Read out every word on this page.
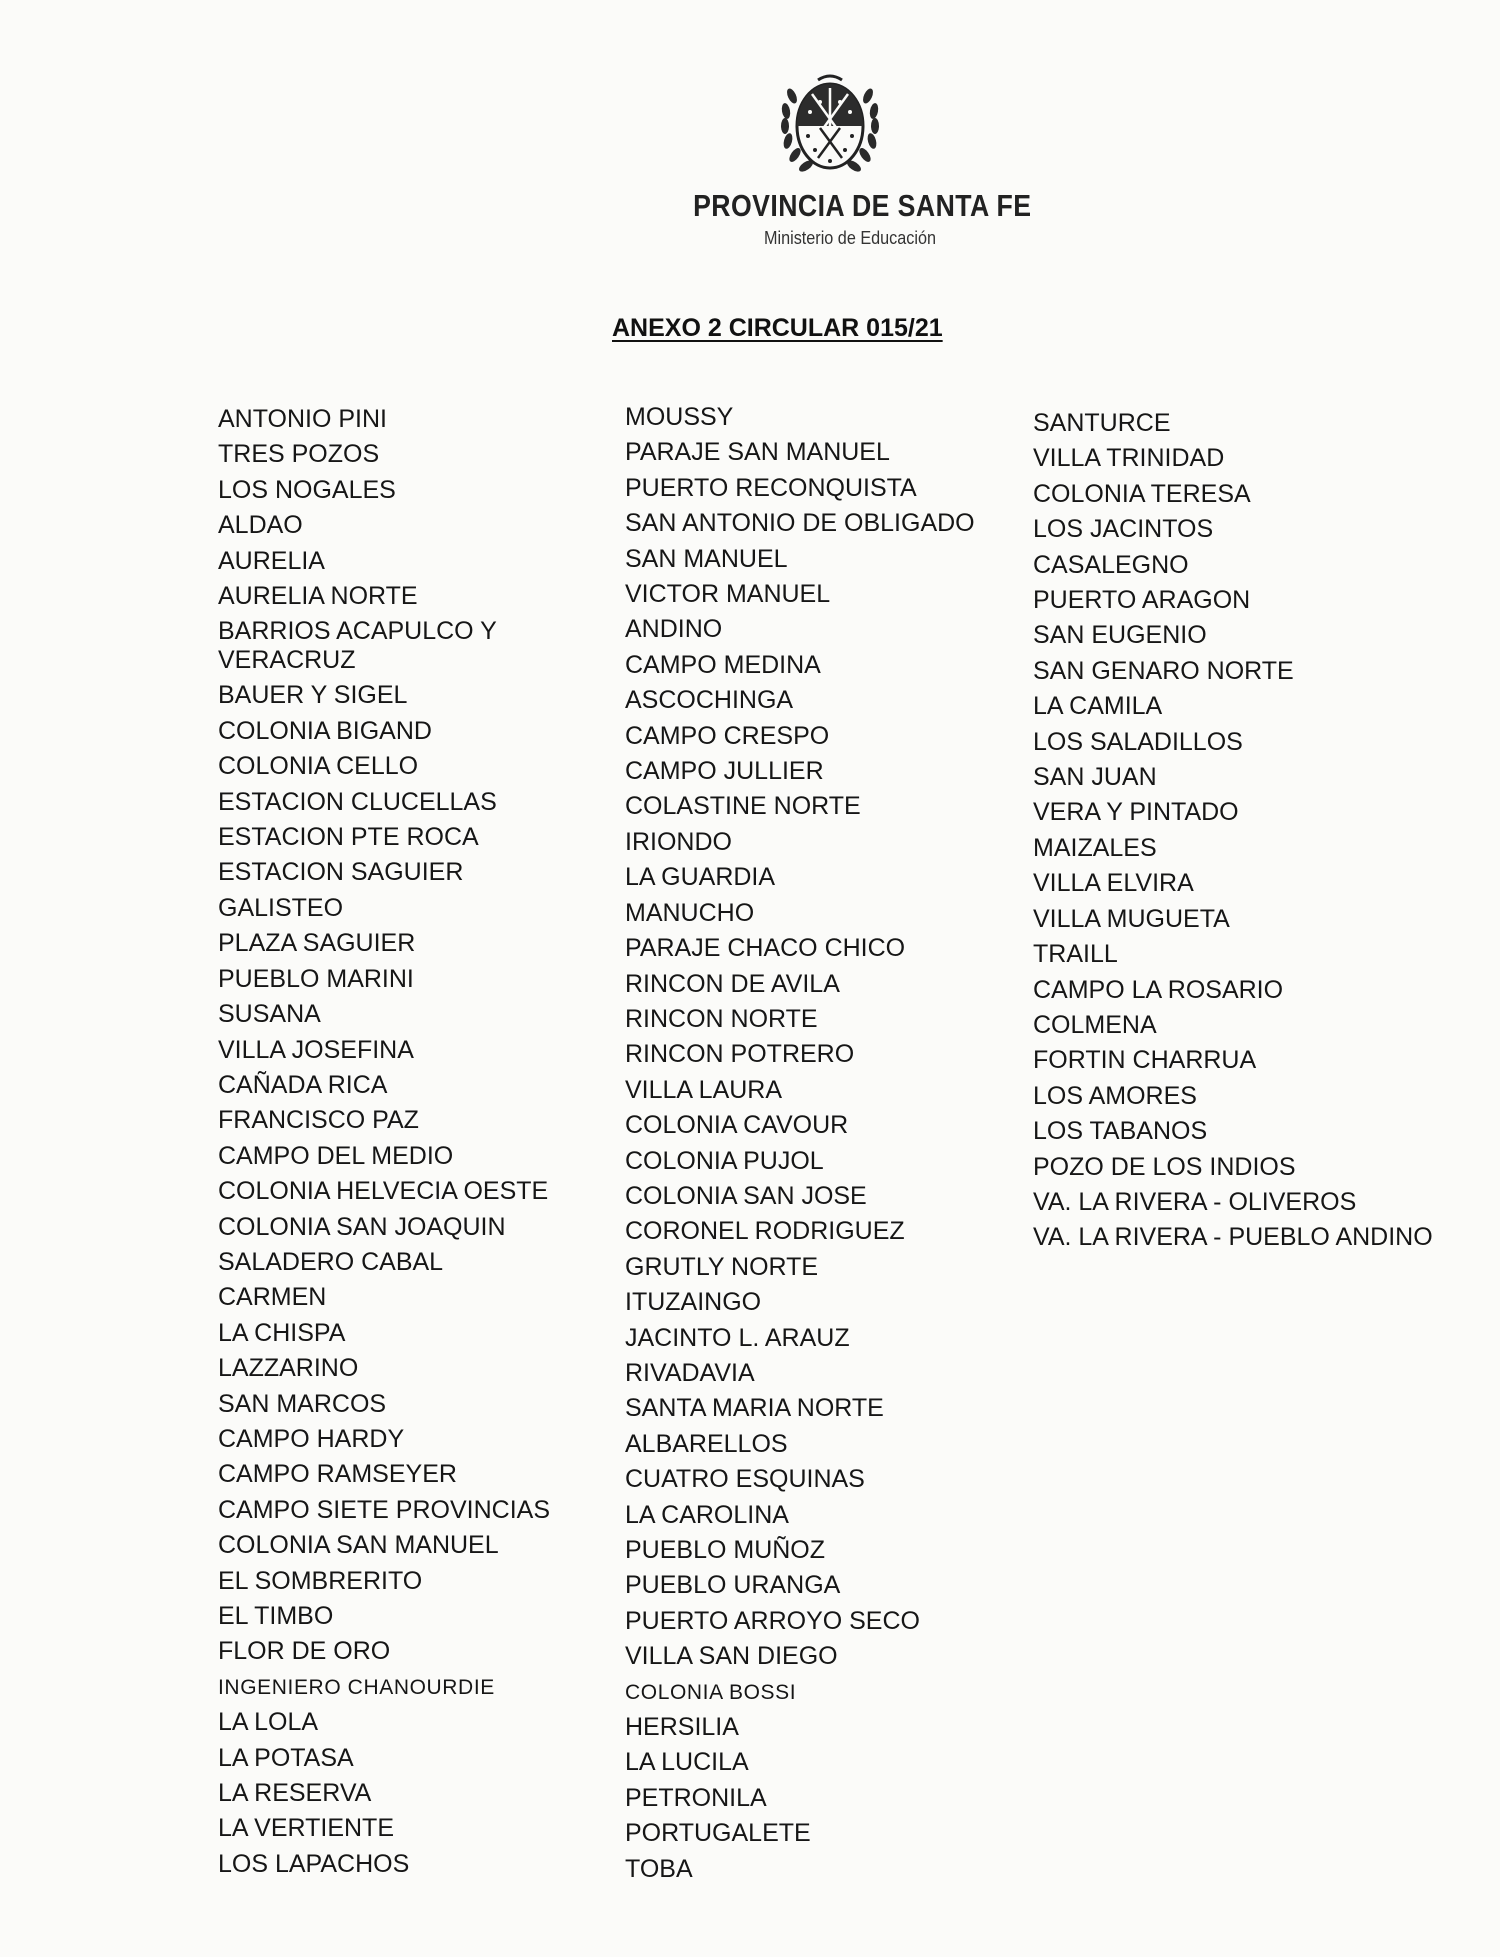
PROVINCIA DE SANTA FE
Ministerio de Educación
ANEXO 2 CIRCULAR 015/21
ANTONIO PINI
TRES POZOS
LOS NOGALES
ALDAO
AURELIA
AURELIA NORTE
BARRIOS ACAPULCO Y VERACRUZ
BAUER Y SIGEL
COLONIA BIGAND
COLONIA CELLO
ESTACION CLUCELLAS
ESTACION PTE ROCA
ESTACION SAGUIER
GALISTEO
PLAZA SAGUIER
PUEBLO MARINI
SUSANA
VILLA JOSEFINA
CAÑADA RICA
FRANCISCO PAZ
CAMPO DEL MEDIO
COLONIA HELVECIA OESTE
COLONIA SAN JOAQUIN
SALADERO CABAL
CARMEN
LA CHISPA
LAZZARINO
SAN MARCOS
CAMPO HARDY
CAMPO RAMSEYER
CAMPO SIETE PROVINCIAS
COLONIA SAN MANUEL
EL SOMBRERITO
EL TIMBO
FLOR DE ORO
INGENIERO CHANOURDIE
LA LOLA
LA POTASA
LA RESERVA
LA VERTIENTE
LOS LAPACHOS
MOUSSY
PARAJE SAN MANUEL
PUERTO RECONQUISTA
SAN ANTONIO DE OBLIGADO
SAN MANUEL
VICTOR MANUEL
ANDINO
CAMPO MEDINA
ASCOCHINGA
CAMPO CRESPO
CAMPO JULLIER
COLASTINE NORTE
IRIONDO
LA GUARDIA
MANUCHO
PARAJE CHACO CHICO
RINCON DE AVILA
RINCON NORTE
RINCON POTRERO
VILLA LAURA
COLONIA CAVOUR
COLONIA PUJOL
COLONIA SAN JOSE
CORONEL RODRIGUEZ
GRUTLY NORTE
ITUZAINGO
JACINTO L. ARAUZ
RIVADAVIA
SANTA MARIA NORTE
ALBARELLOS
CUATRO ESQUINAS
LA CAROLINA
PUEBLO MUÑOZ
PUEBLO URANGA
PUERTO ARROYO SECO
VILLA SAN DIEGO
COLONIA BOSSI
HERSILIA
LA LUCILA
PETRONILA
PORTUGALETE
TOBA
SANTURCE
VILLA TRINIDAD
COLONIA TERESA
LOS JACINTOS
CASALEGNO
PUERTO ARAGON
SAN EUGENIO
SAN GENARO NORTE
LA CAMILA
LOS SALADILLOS
SAN JUAN
VERA Y PINTADO
MAIZALES
VILLA ELVIRA
VILLA MUGUETA
TRAILL
CAMPO LA ROSARIO
COLMENA
FORTIN CHARRUA
LOS AMORES
LOS TABANOS
POZO DE LOS INDIOS
VA. LA RIVERA - OLIVEROS
VA. LA RIVERA - PUEBLO ANDINO
